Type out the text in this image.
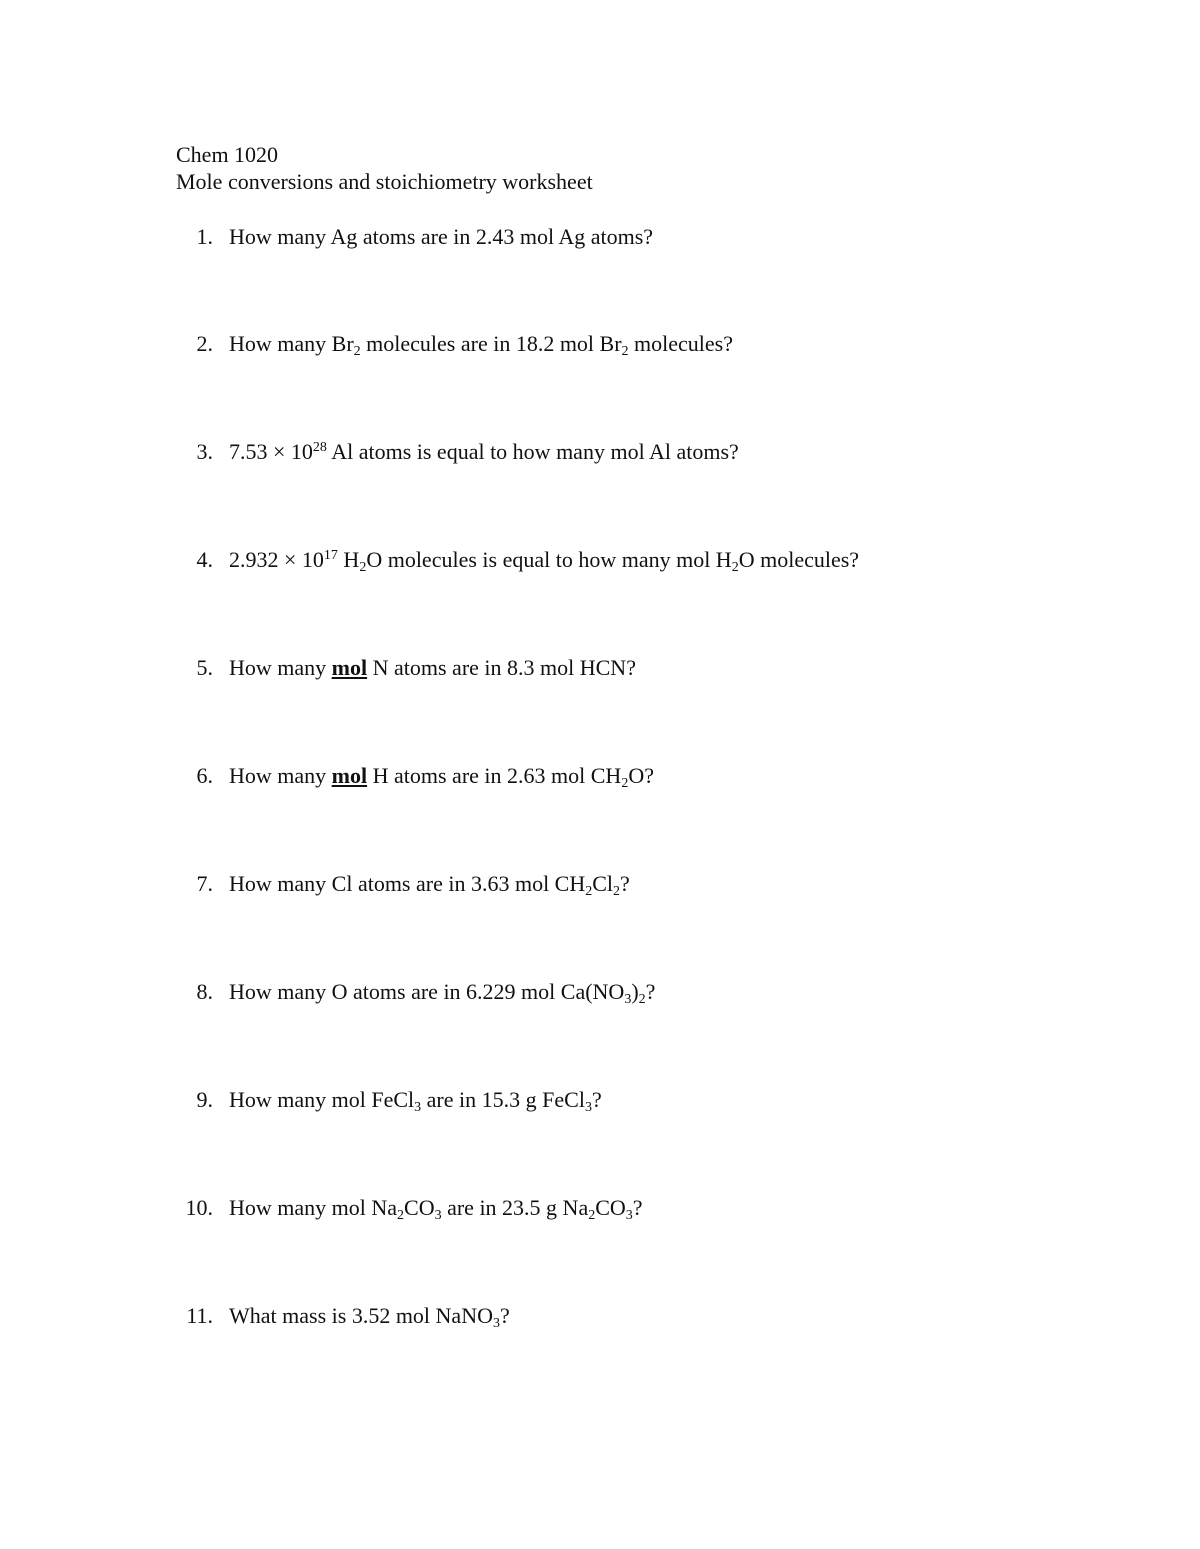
Chem 1020
Mole conversions and stoichiometry worksheet
1. How many Ag atoms are in 2.43 mol Ag atoms?
2. How many $Br_2$ molecules are in 18.2 mol $Br_2$ molecules?
3. $7.53 \times 10^{28}$ Al atoms is equal to how many mol Al atoms?
4. $2.932 \times 10^{17}$ $H_2O$ molecules is equal to how many mol $H_2O$ molecules?
5. How many mol N atoms are in 8.3 mol HCN?
6. How many mol H atoms are in 2.63 mol $CH_2O$?
7. How many Cl atoms are in 3.63 mol $CH_2Cl_2$?
8. How many O atoms are in 6.229 mol $Ca(NO_3)_2$?
9. How many mol FeCl$_3$ are in 15.3 g FeCl$_3$?
10. How many mol $Na_2CO_3$ are in 23.5 g $Na_2CO_3$?
11. What mass is 3.52 mol NaNO$_3$?
